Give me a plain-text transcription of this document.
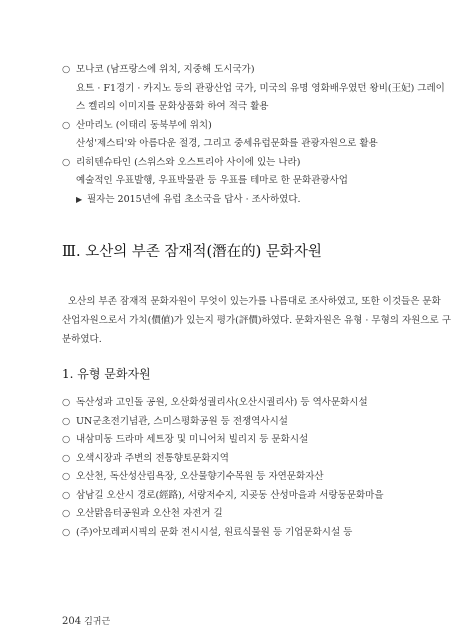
○ 모나코 (남프랑스에 위치, 지중해 도시국가)
요트 · F1경기 · 카지노 등의 관광산업 국가, 미국의 유명 영화배우였던 왕비(王妃) 그레이
스 켈리의 이미지를 문화상품화 하여 적극 활용
○ 산마리노 (이태리 동북부에 위치)
산성'제스티'와 아름다운 절경, 그리고 중세유럽문화를 관광자원으로 활용
○ 리히텐슈타인 (스위스와 오스트리아 사이에 있는 나라)
예술적인 우표발행, 우표박물관 등 우표를 테마로 한 문화관광사업
▶ 필자는 2015년에 유럽 초소국을 답사 · 조사하였다.
Ⅲ. 오산의 부존 잠재적(潛在的) 문화자원
오산의 부존 잠재적 문화자원이 무엇이 있는가를 나름대로 조사하였고, 또한 이것들은 문화
산업자원으로서 가치(價値)가 있는지 평가(評價)하였다. 문화자원은 유형 · 무형의 자원으로 구
분하였다.
1. 유형 문화자원
○ 독산성과 고인돌 공원, 오산화성궐리사(오산시궐리사) 등 역사문화시설
○ UN군초전기념관, 스미스평화공원 등 전쟁역사시설
○ 내삼미동 드라마 세트장 및 미니어처 빌리지 등 문화시설
○ 오색시장과 주변의 전통향토문화지역
○ 오산천, 독산성산림욕장, 오산물향기수목원 등 자연문화자산
○ 삼남길 오산시 경로(經路), 서랑저수지, 지곶동 산성마을과 서랑동문화마을
○ 오산맑음터공원과 오산천 자전거 길
○ (주)아모레퍼시픽의 문화 전시시설, 원료식물원 등 기업문화시설 등
204 김귀근
